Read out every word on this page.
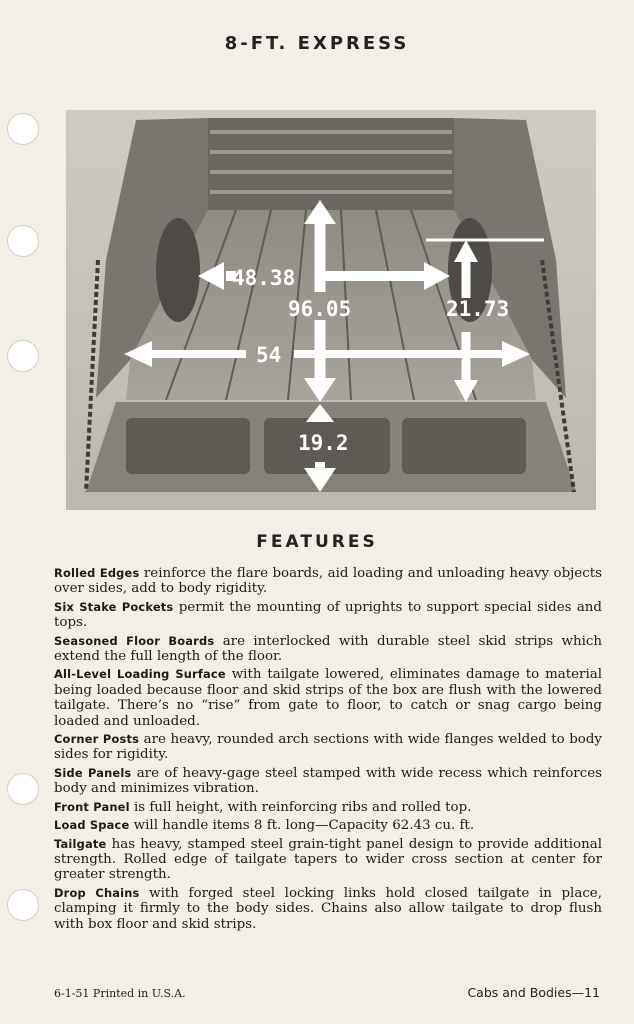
8-FT. EXPRESS
48.38
96.05	21.73
54
19.2
FEATURES

Rolled Edges reinforce the flare boards, aid loading and unloading heavy objects over sides, add to body rigidity.

Six Stake Pockets permit the mounting of uprights to support special sides and tops.

Seasoned Floor Boards are interlocked with durable steel skid strips which extend the full length of the floor.

All-Level Loading Surface with tailgate lowered, eliminates damage to material being loaded because floor and skid strips of the box are flush with the lowered tailgate. There’s no “rise” from gate to floor, to catch or snag cargo being loaded and unloaded.

Corner Posts are heavy, rounded arch sections with wide flanges welded to body sides for rigidity.

Side Panels are of heavy-gage steel stamped with wide recess which reinforces body and minimizes vibration.

Front Panel is full height, with reinforcing ribs and rolled top.

Load Space will handle items 8 ft. long—Capacity 62.43 cu. ft.

Tailgate has heavy, stamped steel grain-tight panel design to provide additional strength. Rolled edge of tailgate tapers to wider cross section at center for greater strength.

Drop Chains with forged steel locking links hold closed tailgate in place, clamping it firmly to the body sides. Chains also allow tailgate to drop flush with box floor and skid strips.

6-1-51 Printed in U.S.A.	Cabs and Bodies—11
